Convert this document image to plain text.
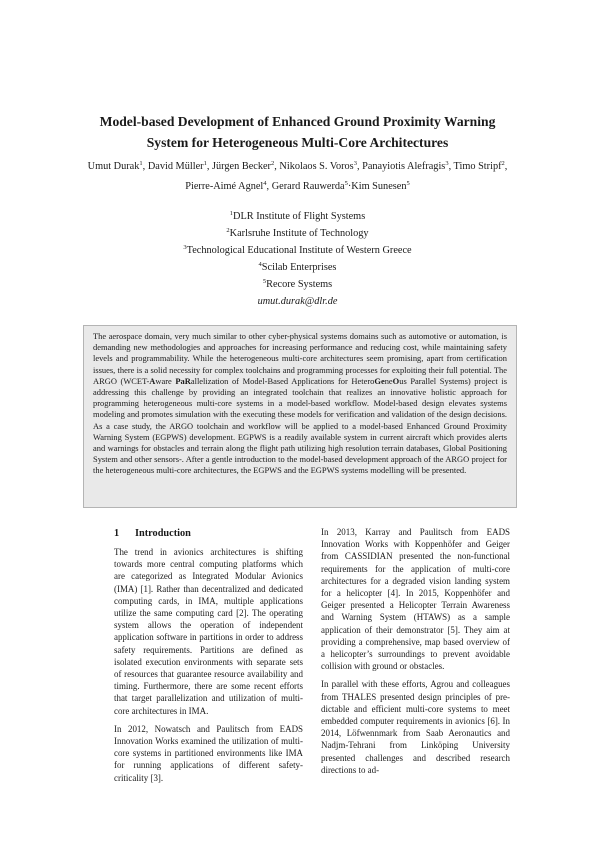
Model-based Development of Enhanced Ground Proximity Warning
System for Heterogeneous Multi-Core Architectures
Umut Durak$^1$, David Müller$^1$, Jürgen Becker$^2$, Nikolaos S. Voros$^3$, Panayiotis Alefragis$^3$, Timo Stripf$^2$,
Pierre-Aimé Agnel$^4$, Gerard Rauwerda$^5$·Kim Sunesen$^5$
$^1$DLR Institute of Flight Systems
$^2$Karlsruhe Institute of Technology
$^3$Technological Educational Institute of Western Greece
$^4$Scilab Enterprises
$^5$Recore Systems
umut.durak@dlr.de

The aerospace domain, very much similar to other cyber-physical systems domains such as automotive or automation, is demanding new methodologies and approaches for increasing performance and reducing cost, while maintaining safety levels and programmability. While the heterogeneous multi-core architectures seem promising, apart from certification issues, there is a solid necessity for complex toolchains and programming processes for exploiting their full potential. The ARGO (WCET-Aware PaRallelization of Model-Based Applications for HeteroGeneOus Parallel Systems) project is addressing this challenge by providing an integrated toolchain that realizes an innovative holistic approach for programming heterogeneous multi-core systems in a model-based workflow. Model-based design elevates systems modeling and promotes simulation with the executing these models for verification and validation of the design decisions. As a case study, the ARGO toolchain and workflow will be applied to a model-based Enhanced Ground Proximity Warning System (EGPWS) development. EGPWS is a readily available system in current aircraft which provides alerts and warnings for obstacles and terrain along the flight path utilizing high resolution terrain databases, Global Positioning System and other sensors-. After a gentle introduction to the model-based development approach of the ARGO project for the heterogeneous multi-core architectures, the EGPWS and the EGPWS systems modelling will be presented.

1 Introduction

The trend in avionics architectures is shifting towards more central computing platforms which are categorized as Integrated Modular Avionics (IMA) [1]. Rather than decentralized and dedicated computing cards, in IMA, multiple applications utilize the same computing card [2]. The operating system allows the operation of independent application software in partitions in order to address safety requirements. Partitions are defined as isolated execution environments with separate sets of resources that guarantee resource availability and timing. Furthermore, there are some recent efforts that target parallelization and utilization of multi-core architectures in IMA.

In 2012, Nowatsch and Paulitsch from EADS Innovation Works examined the utilization of multi-core systems in partitioned environments like IMA for running applications of different safety-criticality [3].

In 2013, Karray and Paulitsch from EADS Innovation Works with Koppenhöfer and Geiger from CASSIDIAN presented the non-functional requirements for the application of multi-core architectures for a degraded vision landing system for a helicopter [4]. In 2015, Koppenhöfer and Geiger presented a Helicopter Terrain Awareness and Warning System (HTAWS) as a sample application of their demonstrator [5]. They aim at providing a comprehensive, map based overview of a helicopter’s surroundings to prevent avoidable collision with ground or obstacles.

In parallel with these efforts, Agrou and colleagues from THALES presented design principles of predictable and efficient multi-core systems to meet embedded computer requirements in avionics [6]. In 2014, Löfwennmark from Saab Aeronautics and Nadjm-Tehrani from Linköping University presented challenges and described research directions to ad-
